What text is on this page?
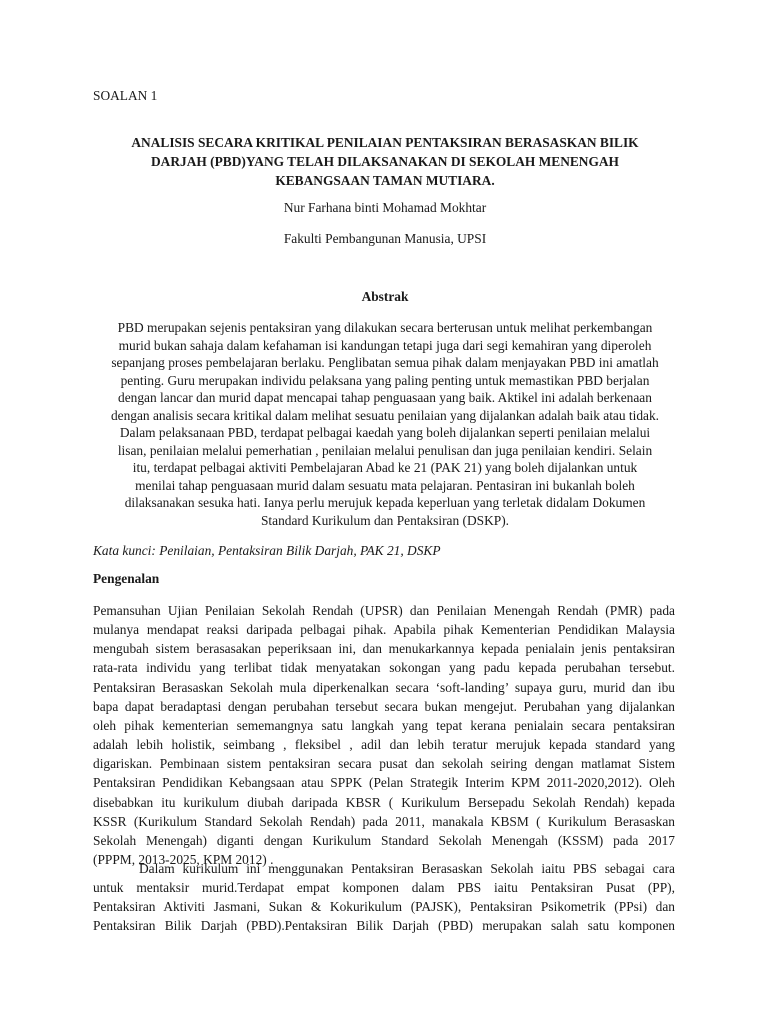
SOALAN 1

ANALISIS SECARA KRITIKAL PENILAIAN PENTAKSIRAN BERASASKAN BILIK
DARJAH (PBD)YANG TELAH DILAKSANAKAN DI SEKOLAH MENENGAH
KEBANGSAAN TAMAN MUTIARA.

Nur Farhana binti Mohamad Mokhtar

Fakulti Pembangunan Manusia, UPSI

Abstrak
PBD merupakan sejenis pentaksiran yang dilakukan secara berterusan untuk melihat perkembangan
murid bukan sahaja dalam kefahaman isi kandungan tetapi juga dari segi kemahiran yang diperoleh
sepanjang proses pembelajaran berlaku. Penglibatan semua pihak dalam menjayakan PBD ini amatlah
penting. Guru merupakan individu pelaksana yang paling penting untuk memastikan PBD berjalan
dengan lancar dan murid dapat mencapai tahap penguasaan yang baik. Aktikel ini adalah berkenaan
dengan analisis secara kritikal dalam melihat sesuatu penilaian yang dijalankan adalah baik atau tidak.
Dalam pelaksanaan PBD, terdapat pelbagai kaedah yang boleh dijalankan seperti penilaian melalui
lisan, penilaian melalui pemerhatian , penilaian melalui penulisan dan juga penilaian kendiri. Selain
itu, terdapat pelbagai aktiviti Pembelajaran Abad ke 21 (PAK 21) yang boleh dijalankan untuk
menilai tahap penguasaan murid dalam sesuatu mata pelajaran. Pentasiran ini bukanlah boleh
dilaksanakan sesuka hati. Ianya perlu merujuk kepada keperluan yang terletak didalam Dokumen
Standard Kurikulum dan Pentaksiran (DSKP).

Kata kunci: Penilaian, Pentaksiran Bilik Darjah, PAK 21, DSKP

Pengenalan
Pemansuhan Ujian Penilaian Sekolah Rendah (UPSR) dan Penilaian Menengah Rendah (PMR) pada
mulanya mendapat reaksi daripada pelbagai pihak. Apabila pihak Kementerian Pendidikan Malaysia
mengubah sistem berasasakan peperiksaan ini, dan menukarkannya kepada penialain jenis pentaksiran
rata-rata individu yang terlibat tidak menyatakan sokongan yang padu kepada perubahan tersebut.
Pentaksiran Berasaskan Sekolah mula diperkenalkan secara ‘soft-landing’ supaya guru, murid dan ibu
bapa dapat beradaptasi dengan perubahan tersebut secara bukan mengejut. Perubahan yang dijalankan
oleh pihak kementerian sememangnya satu langkah yang tepat kerana penialain secara pentaksiran
adalah lebih holistik, seimbang , fleksibel , adil dan lebih teratur merujuk kepada standard yang
digariskan. Pembinaan sistem pentaksiran secara pusat dan sekolah seiring dengan matlamat Sistem
Pentaksiran Pendidikan Kebangsaan atau SPPK (Pelan Strategik Interim KPM 2011-2020,2012). Oleh
disebabkan itu kurikulum diubah daripada KBSR ( Kurikulum Bersepadu Sekolah Rendah) kepada
KSSR (Kurikulum Standard Sekolah Rendah) pada 2011, manakala KBSM ( Kurikulum Berasaskan
Sekolah Menengah) diganti dengan Kurikulum Standard Sekolah Menengah (KSSM) pada 2017
(PPPM, 2013-2025, KPM 2012) .
Dalam kurikulum ini menggunakan Pentaksiran Berasaskan Sekolah iaitu PBS sebagai cara
untuk mentaksir murid.Terdapat empat komponen dalam PBS iaitu Pentaksiran Pusat (PP),
Pentaksiran Aktiviti Jasmani, Sukan & Kokurikulum (PAJSK), Pentaksiran Psikometrik (PPsi) dan
Pentaksiran Bilik Darjah (PBD).Pentaksiran Bilik Darjah (PBD) merupakan salah satu komponen
